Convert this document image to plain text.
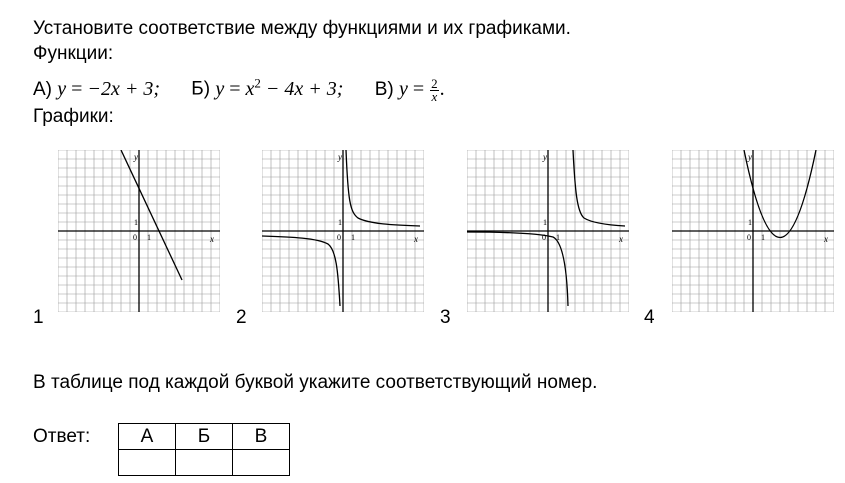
Установите соответствие между функциями и их графиками.
Функции:
А) y = −2x + 3; Б) $y = x^2 - 4x + 3$; В) $y = \frac{2}{x}$ .
Графики:
y
x
0 1
1
y
x
0 1
1
y
x
0 1
1
y
x
0 1
1
1	2	3	4
В таблице под каждой буквой укажите соответствующий номер.
Ответ:	А	Б	В
